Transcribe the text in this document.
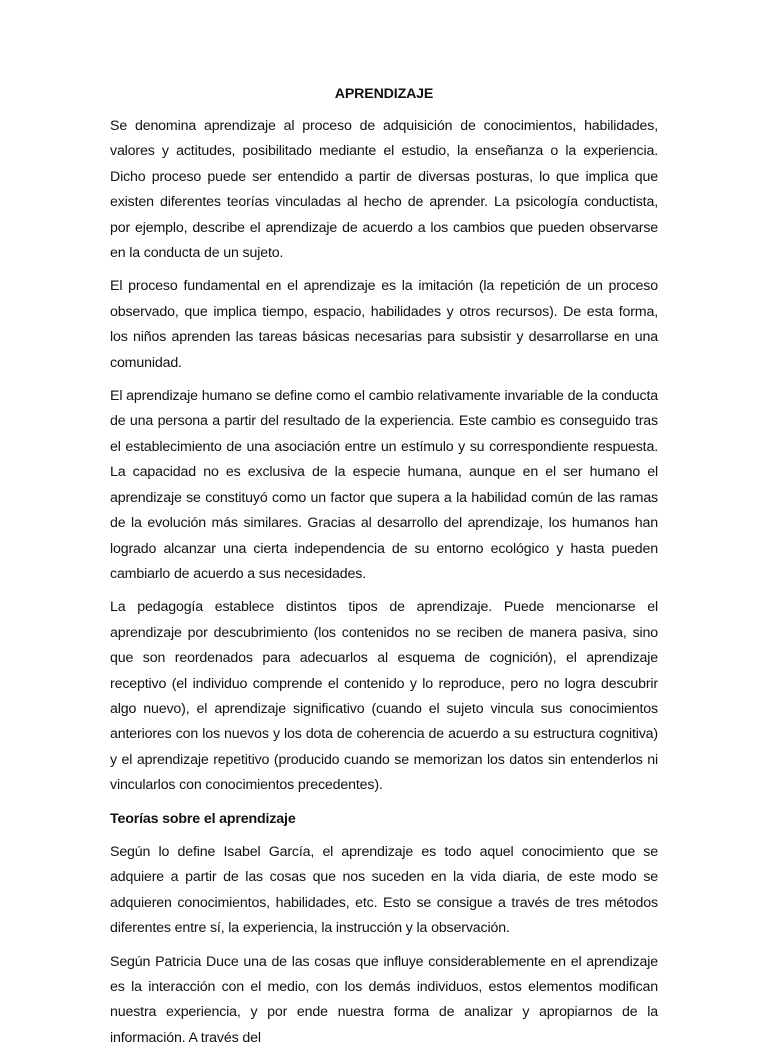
APRENDIZAJE

Se denomina aprendizaje al proceso de adquisición de conocimientos, habilidades, valores y actitudes, posibilitado mediante el estudio, la enseñanza o la experiencia. Dicho proceso puede ser entendido a partir de diversas posturas, lo que implica que existen diferentes teorías vinculadas al hecho de aprender. La psicología conductista, por ejemplo, describe el aprendizaje de acuerdo a los cambios que pueden observarse en la conducta de un sujeto.

El proceso fundamental en el aprendizaje es la imitación (la repetición de un proceso observado, que implica tiempo, espacio, habilidades y otros recursos). De esta forma, los niños aprenden las tareas básicas necesarias para subsistir y desarrollarse en una comunidad.

El aprendizaje humano se define como el cambio relativamente invariable de la conducta de una persona a partir del resultado de la experiencia. Este cambio es conseguido tras el establecimiento de una asociación entre un estímulo y su correspondiente respuesta. La capacidad no es exclusiva de la especie humana, aunque en el ser humano el aprendizaje se constituyó como un factor que supera a la habilidad común de las ramas de la evolución más similares. Gracias al desarrollo del aprendizaje, los humanos han logrado alcanzar una cierta independencia de su entorno ecológico y hasta pueden cambiarlo de acuerdo a sus necesidades.

La pedagogía establece distintos tipos de aprendizaje. Puede mencionarse el aprendizaje por descubrimiento (los contenidos no se reciben de manera pasiva, sino que son reordenados para adecuarlos al esquema de cognición), el aprendizaje receptivo (el individuo comprende el contenido y lo reproduce, pero no logra descubrir algo nuevo), el aprendizaje significativo (cuando el sujeto vincula sus conocimientos anteriores con los nuevos y los dota de coherencia de acuerdo a su estructura cognitiva) y el aprendizaje repetitivo (producido cuando se memorizan los datos sin entenderlos ni vincularlos con conocimientos precedentes).

Teorías sobre el aprendizaje

Según lo define Isabel García, el aprendizaje es todo aquel conocimiento que se adquiere a partir de las cosas que nos suceden en la vida diaria, de este modo se adquieren conocimientos, habilidades, etc. Esto se consigue a través de tres métodos diferentes entre sí, la experiencia, la instrucción y la observación.

Según Patricia Duce una de las cosas que influye considerablemente en el aprendizaje es la interacción con el medio, con los demás individuos, estos elementos modifican nuestra experiencia, y por ende nuestra forma de analizar y apropiarnos de la información. A través del
